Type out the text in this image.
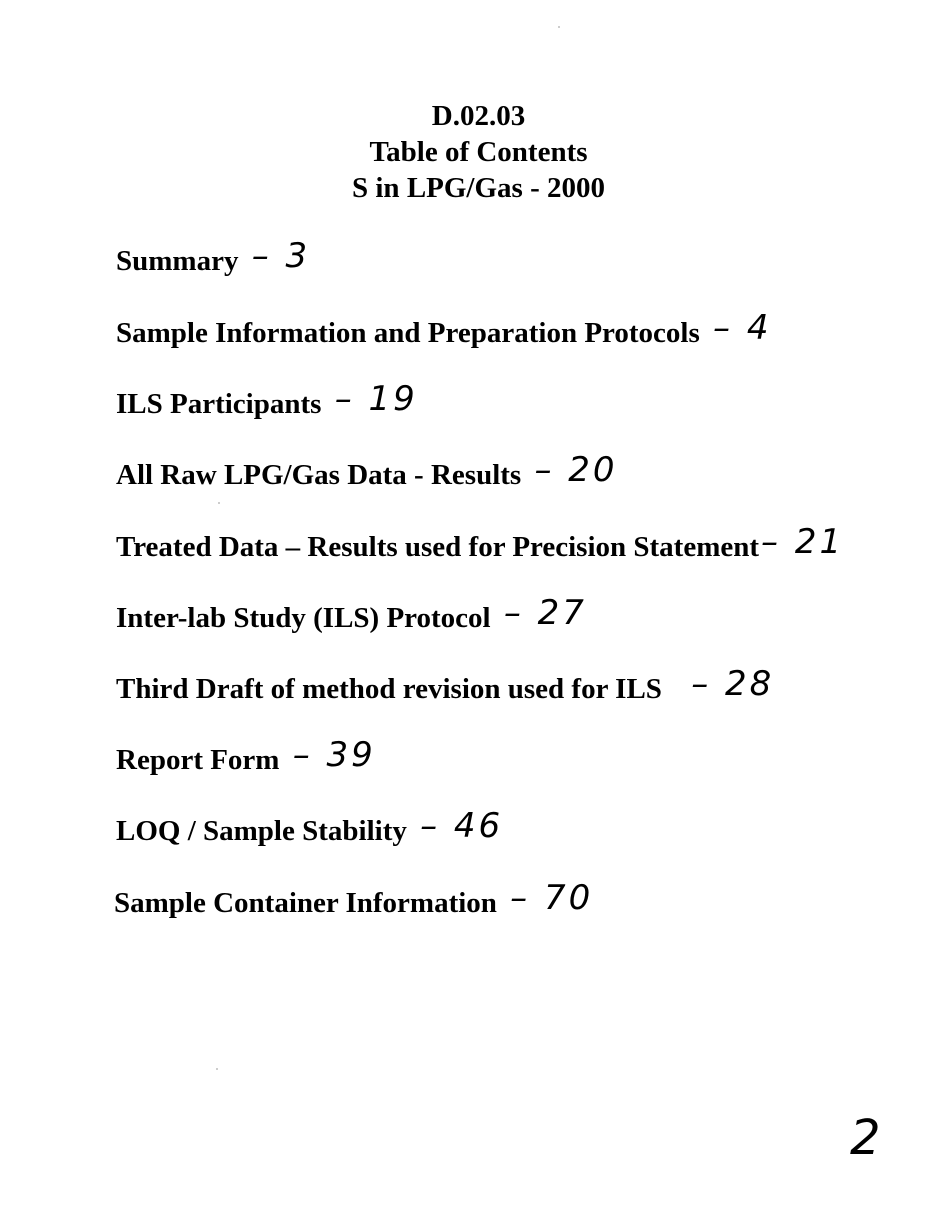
D.02.03
Table of Contents
S in LPG/Gas - 2000
Summary – 3
Sample Information and Preparation Protocols – 4
ILS Participants – 19
All Raw LPG/Gas Data - Results – 20
Treated Data – Results used for Precision Statement– 21
Inter-lab Study (ILS) Protocol – 27
Third Draft of method revision used for ILS – 28
Report Form – 39
LOQ / Sample Stability – 46
Sample Container Information – 70
2
